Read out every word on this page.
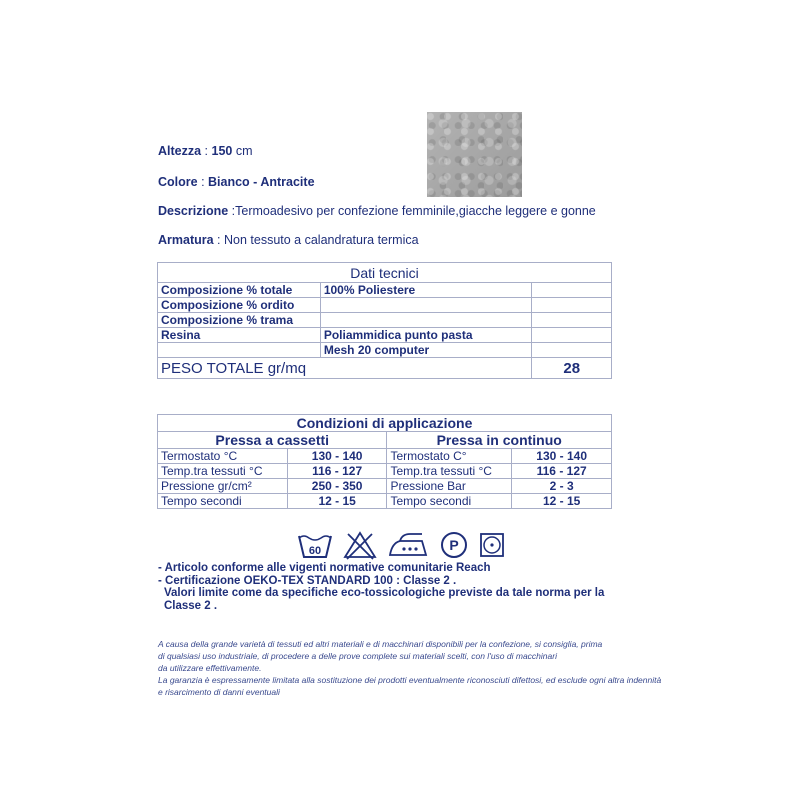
Altezza : 150 cm
Colore : Bianco - Antracite
Descrizione :Termoadesivo per confezione femminile,giacche leggere e gonne
Armatura : Non tessuto a calandratura termica
Dati tecnici		
Composizione % totale	100% Poliestere	
Composizione % ordito		
Composizione % trama		
Resina	Poliammidica punto pasta	
	Mesh 20 computer	
PESO TOTALE gr/mq		28
Condizioni di applicazione			
Pressa a cassetti		Pressa in continuo	
Termostato °C	130 - 140	Termostato C°	130 - 140
Temp.tra tessuti °C	116 - 127	Temp.tra tessuti °C	116 - 127
Pressione gr/cm²	250 - 350	Pressione Bar	2 - 3
Tempo secondi	12 - 15	Tempo secondi	12 - 15
60	P
- Articolo conforme alle vigenti normative comunitarie Reach
- Certificazione OEKO-TEX STANDARD 100 : Classe 2 .
Valori limite come da specifiche eco-tossicologiche previste da tale norma per la
Classe 2 .
A causa della grande varietà di tessuti ed altri materiali e di macchinari disponibili per la confezione, si consiglia, prima
di qualsiasi uso industriale, di procedere a delle prove complete sui materiali scelti, con l'uso di macchinari
da utilizzare effettivamente.
La garanzia è espressamente limitata alla sostituzione dei prodotti eventualmente riconosciuti difettosi, ed esclude ogni altra indennità
e risarcimento di danni eventuali
